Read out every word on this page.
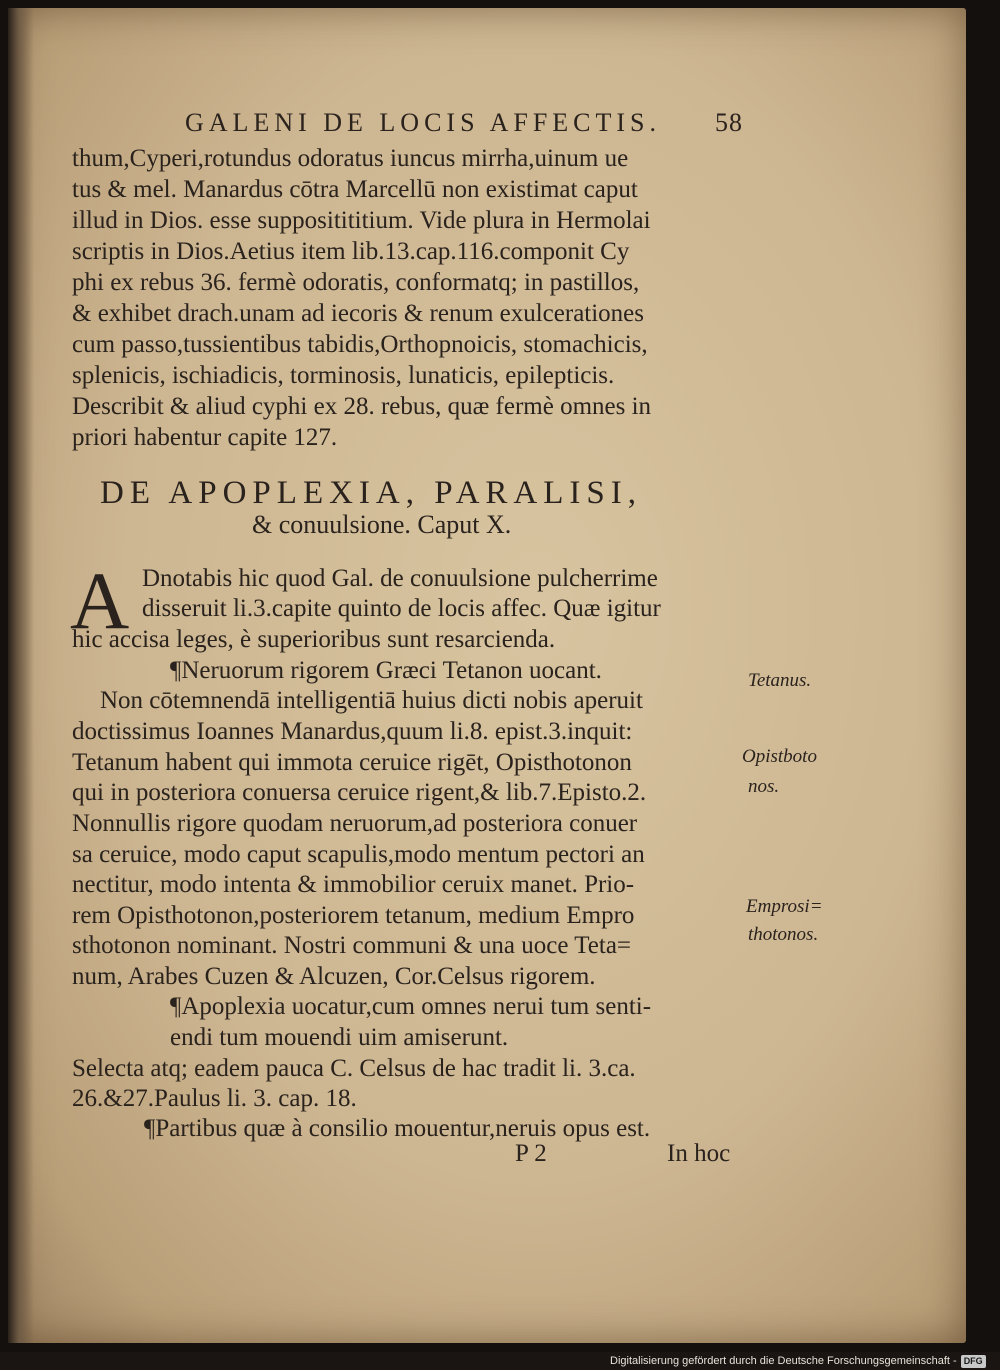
GALENI DE LOCIS AFFECTIS. 58
thum,Cyperi,rotundus odoratus iuncus mirrha,uinum ue
tus & mel. Manardus cōtra Marcellū non existimat caput
illud in Dios. esse suppositititium. Vide plura in Hermolai
scriptis in Dios.Aetius item lib.13.cap.116.componit Cy
phi ex rebus 36. fermè odoratis, conformatq; in pastillos,
& exhibet drach.unam ad iecoris & renum exulcerationes
cum passo,tussientibus tabidis,Orthopnoicis, stomachicis,
splenicis, ischiadicis, torminosis, lunaticis, epilepticis.
Describit & aliud cyphi ex 28. rebus, quæ fermè omnes in
priori habentur capite 127.
DE APOPLEXIA, PARALISI,
& conuulsione. Caput X.
A Dnotabis hic quod Gal. de conuulsione pulcherrime
disseruit li.3.capite quinto de locis affec. Quæ igitur
hic accisa leges, è superioribus sunt resarcienda.
¶Neruorum rigorem Græci Tetanon uocant.
Non cōtemnendā intelligentiā huius dicti nobis aperuit
doctissimus Ioannes Manardus,quum li.8. epist.3.inquit:
Tetanum habent qui immota ceruice rigēt, Opisthotonon
qui in posteriora conuersa ceruice rigent,& lib.7.Episto.2.
Nonnullis rigore quodam neruorum,ad posteriora conuer
sa ceruice, modo caput scapulis,modo mentum pectori an
nectitur, modo intenta & immobilior ceruix manet. Prio-
rem Opisthotonon,posteriorem tetanum, medium Empro
sthotonon nominant. Nostri communi & una uoce Teta=
num, Arabes Cuzen & Alcuzen, Cor.Celsus rigorem.
¶Apoplexia uocatur,cum omnes nerui tum senti-
endi tum mouendi uim amiserunt.
Selecta atq; eadem pauca C. Celsus de hac tradit li. 3.ca.
26.&27.Paulus li. 3. cap. 18.
¶Partibus quæ à consilio mouentur,neruis opus est.
Tetanus.
Opistboto
nos.
Emprosi=
thotonos.
P 2	In hoc
Digitalisierung gefördert durch die Deutsche Forschungsgemeinschaft - DFG
